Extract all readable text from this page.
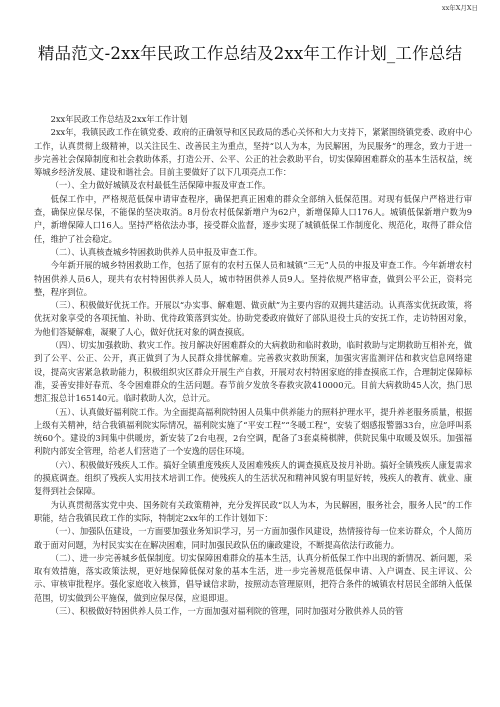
xx年X月X日
精品范文-2xx年民政工作总结及2xx年工作计划_工作总结

2xx年民政工作总结及2xx年工作计划

2xx年，我镇民政工作在镇党委、政府的正确领导和区民政局的悉心关怀和大力支持下，紧紧围绕镇党委、政府中心工作，认真贯彻上级精神，以关注民生、改善民主为重点，坚持“以人为本，为民解困，为民服务”的理念，致力于进一步完善社会保障制度和社会救助体系，打造公开、公平、公正的社会救助平台，切实保障困难群众的基本生活权益，统筹城乡经济发展、建设和谐社会。目前主要做好了以下几项亮点工作：

（一）、全力做好城镇及农村最低生活保障申报及审查工作。

低保工作中，严格规范低保申请审查程序，确保把真正困难的群众全部纳入低保范围。对现有低保户严格进行审查，确保应保尽保，不能保的坚决取消。8月份农村低保新增户为62户，新增保障人口176人。城镇低保新增户数为9户，新增保障人口16人。坚持严格依法办事，接受群众监督，逐步实现了城镇低保工作制度化、规范化，取得了群众信任，维护了社会稳定。

（二）、认真核查城乡特困救助供养人员申报及审查工作。

今年新开展的城乡特困救助工作，包括了原有的农村五保人员和城镇“三无”人员的申报及审查工作。今年新增农村特困供养人员6人，现共有农村特困供养人员人，城市特困供养人员9人。坚持依规严格审查，做到公平公正，资料完整，程序到位。

（三）、积极做好优抚工作。开展以“办实事、解难题、做贡献”为主要内容的双拥共建活动。认真落实优抚政策，将优抚对象享受的各项抚恤、补助、优待政策落到实处。协助党委政府做好了部队退役士兵的安抚工作，走访特困对象，为他们答疑解难，凝聚了人心，做好优抚对象的调查摸底。

（四）、切实加强救助、救灾工作。按月解决好困难群众的大病救助和临时救助，临时救助与定期救助互相补充，做到了公平、公正、公开，真正做到了为人民群众排忧解难。完善救灾救助预案，加强灾害监测评估和救灾信息网络建设，提高灾害紧急救助能力，积极组织灾区群众开展生产自救，开展对农村特困家庭的排查摸底工作，合理制定保障标准，妥善安排好春荒、冬令困难群众的生活问题。春节前夕发放冬春救灾款410000元。目前大病救助45人次，热门思想汇报总计165140元。临时救助人次，总计元。

（五）、认真做好福利院工作。为全面提高福利院特困人员集中供养能力的照料护理水平，提升养老服务质量，根据上级有关精神，结合我镇福利院实际情况，福利院实施了“平安工程”“冬暖工程”，安装了烟感报警器33台，应急呼叫系统60个。建设的3间集中供暖房，新安装了2台电视，2台空调，配备了3套桌椅棋牌，供院民集中取暖及娱乐。加强福利院内部安全管理，给老人们营造了一个安逸的居住环境。

（六）、积极做好残疾人工作。搞好全镇重度残疾人及困难残疾人的调查摸底及按月补助。搞好全镇残疾人康复需求的摸底调查。组织了残疾人实用技术培训工作。使残疾人的生活状况和精神风貌有明显好转，残疾人的教育、就业、康复得到社会保障。

为认真贯彻落实党中央、国务院有关政策精神，充分发挥民政“以人为本，为民解困，服务社会，服务人民”的工作职能，结合我镇民政工作的实际，特制定2xx年的工作计划如下：

（一）、加强队伍建设，一方面要加强业务知识学习，另一方面加强作风建设，热情接待每一位来访群众，个人简历敢于面对问题，为村民实实在在解决困难，同时加强民政队伍的廉政建设，不断提高依法行政能力。

（二）、进一步完善城乡低保制度。切实保障困难群众的基本生活，认真分析低保工作中出现的新情况、新问题，采取有效措施，落实政策法规，更好地保障低保对象的基本生活，进一步完善规范低保申请、入户调查、民主评议、公示、审核审批程序。强化家庭收入核算，倡导诚信求助，按照动态管理原则，把符合条件的城镇农村居民全部纳入低保范围，切实做到公平施保，做到应保尽保，应退即退。

（三）、积极做好特困供养人员工作，一方面加强对福利院的管理，同时加强对分散供养人员的管
